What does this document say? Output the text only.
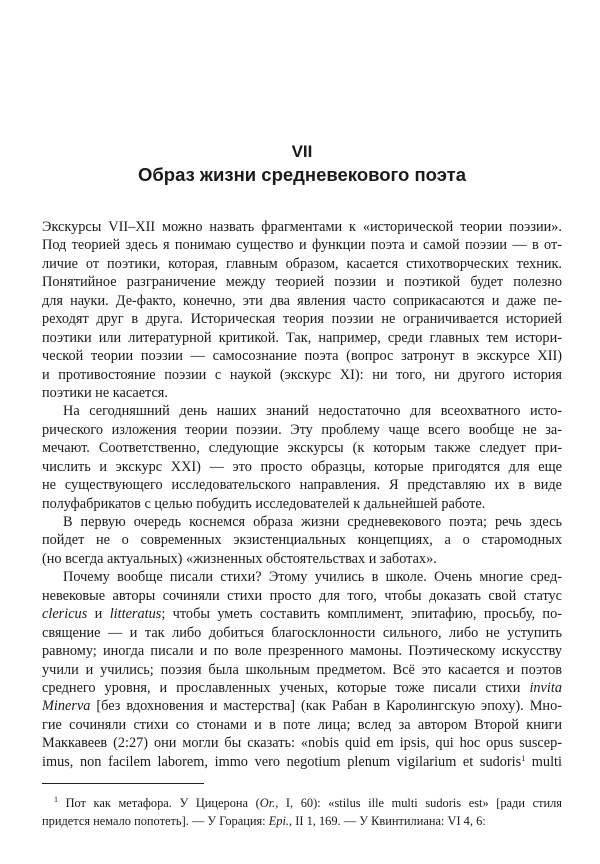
VII
Образ жизни средневекового поэта
Экскурсы VII–XII можно назвать фрагментами к «исторической теории поэзии».
Под теорией здесь я понимаю существо и функции поэта и самой поэзии — в от-
личие от поэтики, которая, главным образом, касается стихотворческих техник.
Понятийное разграничение между теорией поэзии и поэтикой будет полезно
для науки. Де-факто, конечно, эти два явления часто соприкасаются и даже пе-
реходят друг в друга. Историческая теория поэзии не ограничивается историей
поэтики или литературной критикой. Так, например, среди главных тем истори-
ческой теории поэзии — самосознание поэта (вопрос затронут в экскурсе XII)
и противостояние поэзии с наукой (экскурс XI): ни того, ни другого история
поэтики не касается.
На сегодняшний день наших знаний недостаточно для всеохватного исто-
рического изложения теории поэзии. Эту проблему чаще всего вообще не за-
мечают. Соответственно, следующие экскурсы (к которым также следует при-
числить и экскурс XXI) — это просто образцы, которые пригодятся для еще
не существующего исследовательского направления. Я представляю их в виде
полуфабрикатов с целью побудить исследователей к дальнейшей работе.
В первую очередь коснемся образа жизни средневекового поэта; речь здесь
пойдет не о современных экзистенциальных концепциях, а о старомодных
(но всегда актуальных) «жизненных обстоятельствах и заботах».
Почему вообще писали стихи? Этому учились в школе. Очень многие сред-
невековые авторы сочиняли стихи просто для того, чтобы доказать свой статус
clericus и litteratus; чтобы уметь составить комплимент, эпитафию, просьбу, по-
священие — и так либо добиться благосклонности сильного, либо не уступить
равному; иногда писали и по воле презренного мамоны. Поэтическому искусству
учили и учились; поэзия была школьным предметом. Всё это касается и поэтов
среднего уровня, и прославленных ученых, которые тоже писали стихи invita
Minerva [без вдохновения и мастерства] (как Рабан в Каролингскую эпоху). Мно-
гие сочиняли стихи со стонами и в поте лица; вслед за автором Второй книги
Маккавеев (2:27) они могли бы сказать: «nobis quid em ipsis, qui hoc opus suscep-
imus, non facilem laborem, immo vero negotium plenum vigilarium et sudoris$^1$ multi
$^1$ Пот как метафора. У Цицерона (Or., I, 60): «stilus ille multi sudoris est» [ради стиля
придется немало попотеть]. — У Горация: Epi., II 1, 169. — У Квинтилиана: VI 4, 6:
